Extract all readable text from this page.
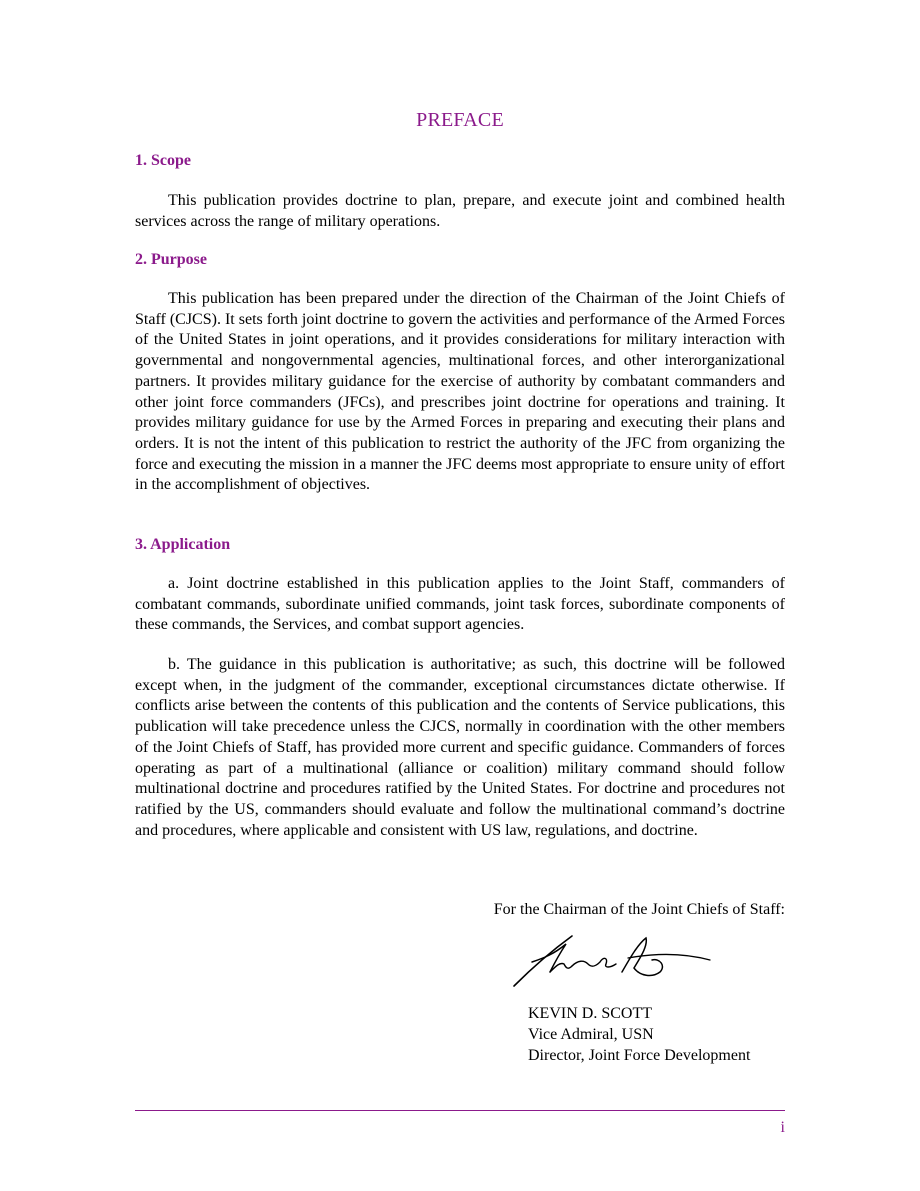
PREFACE
1. Scope

This publication provides doctrine to plan, prepare, and execute joint and combined health services across the range of military operations.

2. Purpose

This publication has been prepared under the direction of the Chairman of the Joint Chiefs of Staff (CJCS). It sets forth joint doctrine to govern the activities and performance of the Armed Forces of the United States in joint operations, and it provides considerations for military interaction with governmental and nongovernmental agencies, multinational forces, and other interorganizational partners. It provides military guidance for the exercise of authority by combatant commanders and other joint force commanders (JFCs), and prescribes joint doctrine for operations and training. It provides military guidance for use by the Armed Forces in preparing and executing their plans and orders. It is not the intent of this publication to restrict the authority of the JFC from organizing the force and executing the mission in a manner the JFC deems most appropriate to ensure unity of effort in the accomplishment of objectives.

3. Application

a. Joint doctrine established in this publication applies to the Joint Staff, commanders of combatant commands, subordinate unified commands, joint task forces, subordinate components of these commands, the Services, and combat support agencies.

b. The guidance in this publication is authoritative; as such, this doctrine will be followed except when, in the judgment of the commander, exceptional circumstances dictate otherwise. If conflicts arise between the contents of this publication and the contents of Service publications, this publication will take precedence unless the CJCS, normally in coordination with the other members of the Joint Chiefs of Staff, has provided more current and specific guidance. Commanders of forces operating as part of a multinational (alliance or coalition) military command should follow multinational doctrine and procedures ratified by the United States. For doctrine and procedures not ratified by the US, commanders should evaluate and follow the multinational command’s doctrine and procedures, where applicable and consistent with US law, regulations, and doctrine.

For the Chairman of the Joint Chiefs of Staff:
KEVIN D. SCOTT
Vice Admiral, USN
Director, Joint Force Development
i
